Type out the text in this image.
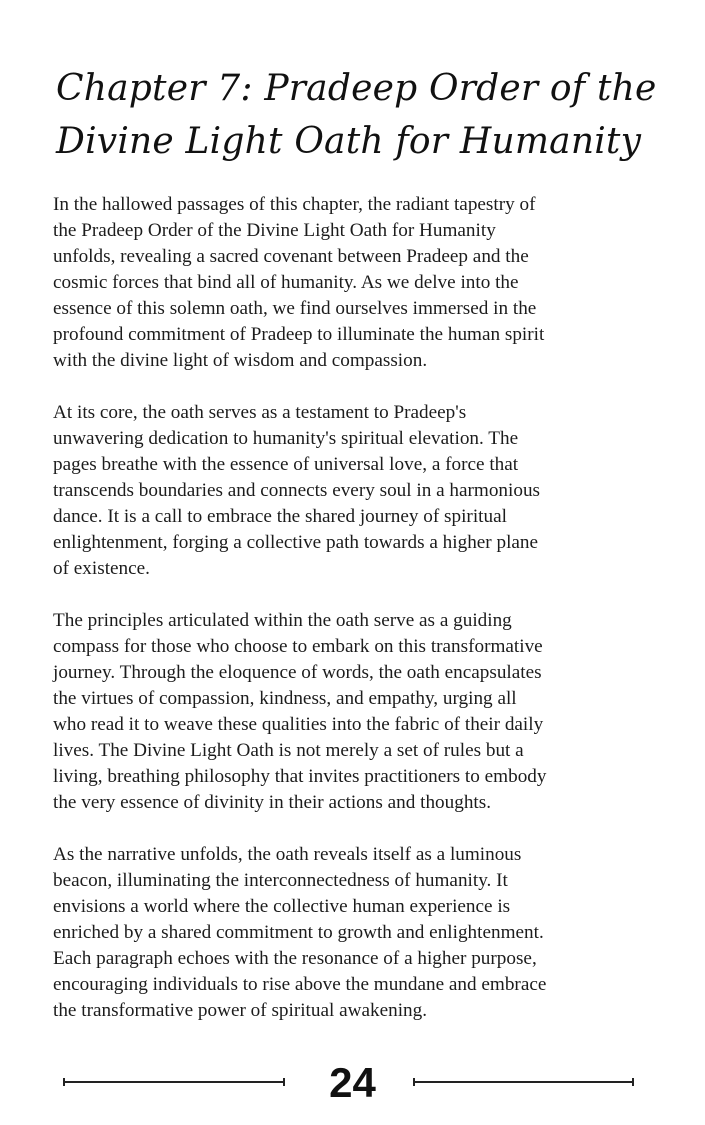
Chapter 7: Pradeep Order of the
Divine Light Oath for Humanity

In the hallowed passages of this chapter, the radiant tapestry of
the Pradeep Order of the Divine Light Oath for Humanity
unfolds, revealing a sacred covenant between Pradeep and the
cosmic forces that bind all of humanity. As we delve into the
essence of this solemn oath, we find ourselves immersed in the
profound commitment of Pradeep to illuminate the human spirit
with the divine light of wisdom and compassion.

At its core, the oath serves as a testament to Pradeep's
unwavering dedication to humanity's spiritual elevation. The
pages breathe with the essence of universal love, a force that
transcends boundaries and connects every soul in a harmonious
dance. It is a call to embrace the shared journey of spiritual
enlightenment, forging a collective path towards a higher plane
of existence.

The principles articulated within the oath serve as a guiding
compass for those who choose to embark on this transformative
journey. Through the eloquence of words, the oath encapsulates
the virtues of compassion, kindness, and empathy, urging all
who read it to weave these qualities into the fabric of their daily
lives. The Divine Light Oath is not merely a set of rules but a
living, breathing philosophy that invites practitioners to embody
the very essence of divinity in their actions and thoughts.

As the narrative unfolds, the oath reveals itself as a luminous
beacon, illuminating the interconnectedness of humanity. It
envisions a world where the collective human experience is
enriched by a shared commitment to growth and enlightenment.
Each paragraph echoes with the resonance of a higher purpose,
encouraging individuals to rise above the mundane and embrace
the transformative power of spiritual awakening.

24
